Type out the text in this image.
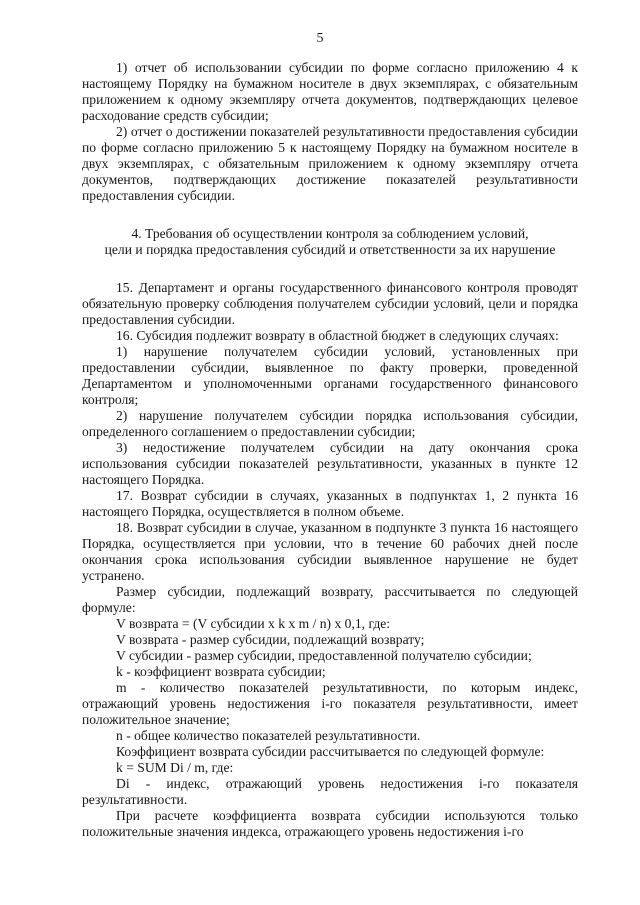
5

1) отчет об использовании субсидии по форме согласно приложению 4 к настоящему Порядку на бумажном носителе в двух экземплярах, с обязательным приложением к одному экземпляру отчета документов, подтверждающих целевое расходование средств субсидии;

2) отчет о достижении показателей результативности предоставления субсидии по форме согласно приложению 5 к настоящему Порядку на бумажном носителе в двух экземплярах, с обязательным приложением к одному экземпляру отчета документов, подтверждающих достижение показателей результативности предоставления субсидии.

4. Требования об осуществлении контроля за соблюдением условий,

цели и порядка предоставления субсидий и ответственности за их нарушение

15. Департамент и органы государственного финансового контроля проводят обязательную проверку соблюдения получателем субсидии условий, цели и порядка предоставления субсидии.

16. Субсидия подлежит возврату в областной бюджет в следующих случаях:

1) нарушение получателем субсидии условий, установленных при предоставлении субсидии, выявленное по факту проверки, проведенной Департаментом и уполномоченными органами государственного финансового контроля;

2) нарушение получателем субсидии порядка использования субсидии, определенного соглашением о предоставлении субсидии;

3) недостижение получателем субсидии на дату окончания срока использования субсидии показателей результативности, указанных в пункте 12 настоящего Порядка.

17. Возврат субсидии в случаях, указанных в подпунктах 1, 2 пункта 16 настоящего Порядка, осуществляется в полном объеме.

18. Возврат субсидии в случае, указанном в подпункте 3 пункта 16 настоящего Порядка, осуществляется при условии, что в течение 60 рабочих дней после окончания срока использования субсидии выявленное нарушение не будет устранено.

Размер субсидии, подлежащий возврату, рассчитывается по следующей формуле:

V возврата = (V субсидии x k x m / n) x 0,1, где:

V возврата - размер субсидии, подлежащий возврату;

V субсидии - размер субсидии, предоставленной получателю субсидии;

k - коэффициент возврата субсидии;

m - количество показателей результативности, по которым индекс, отражающий уровень недостижения i-го показателя результативности, имеет положительное значение;

n - общее количество показателей результативности.

Коэффициент возврата субсидии рассчитывается по следующей формуле:

k = SUM Di / m, где:

Di - индекс, отражающий уровень недостижения i-го показателя результативности.

При расчете коэффициента возврата субсидии используются только положительные значения индекса, отражающего уровень недостижения i-го
